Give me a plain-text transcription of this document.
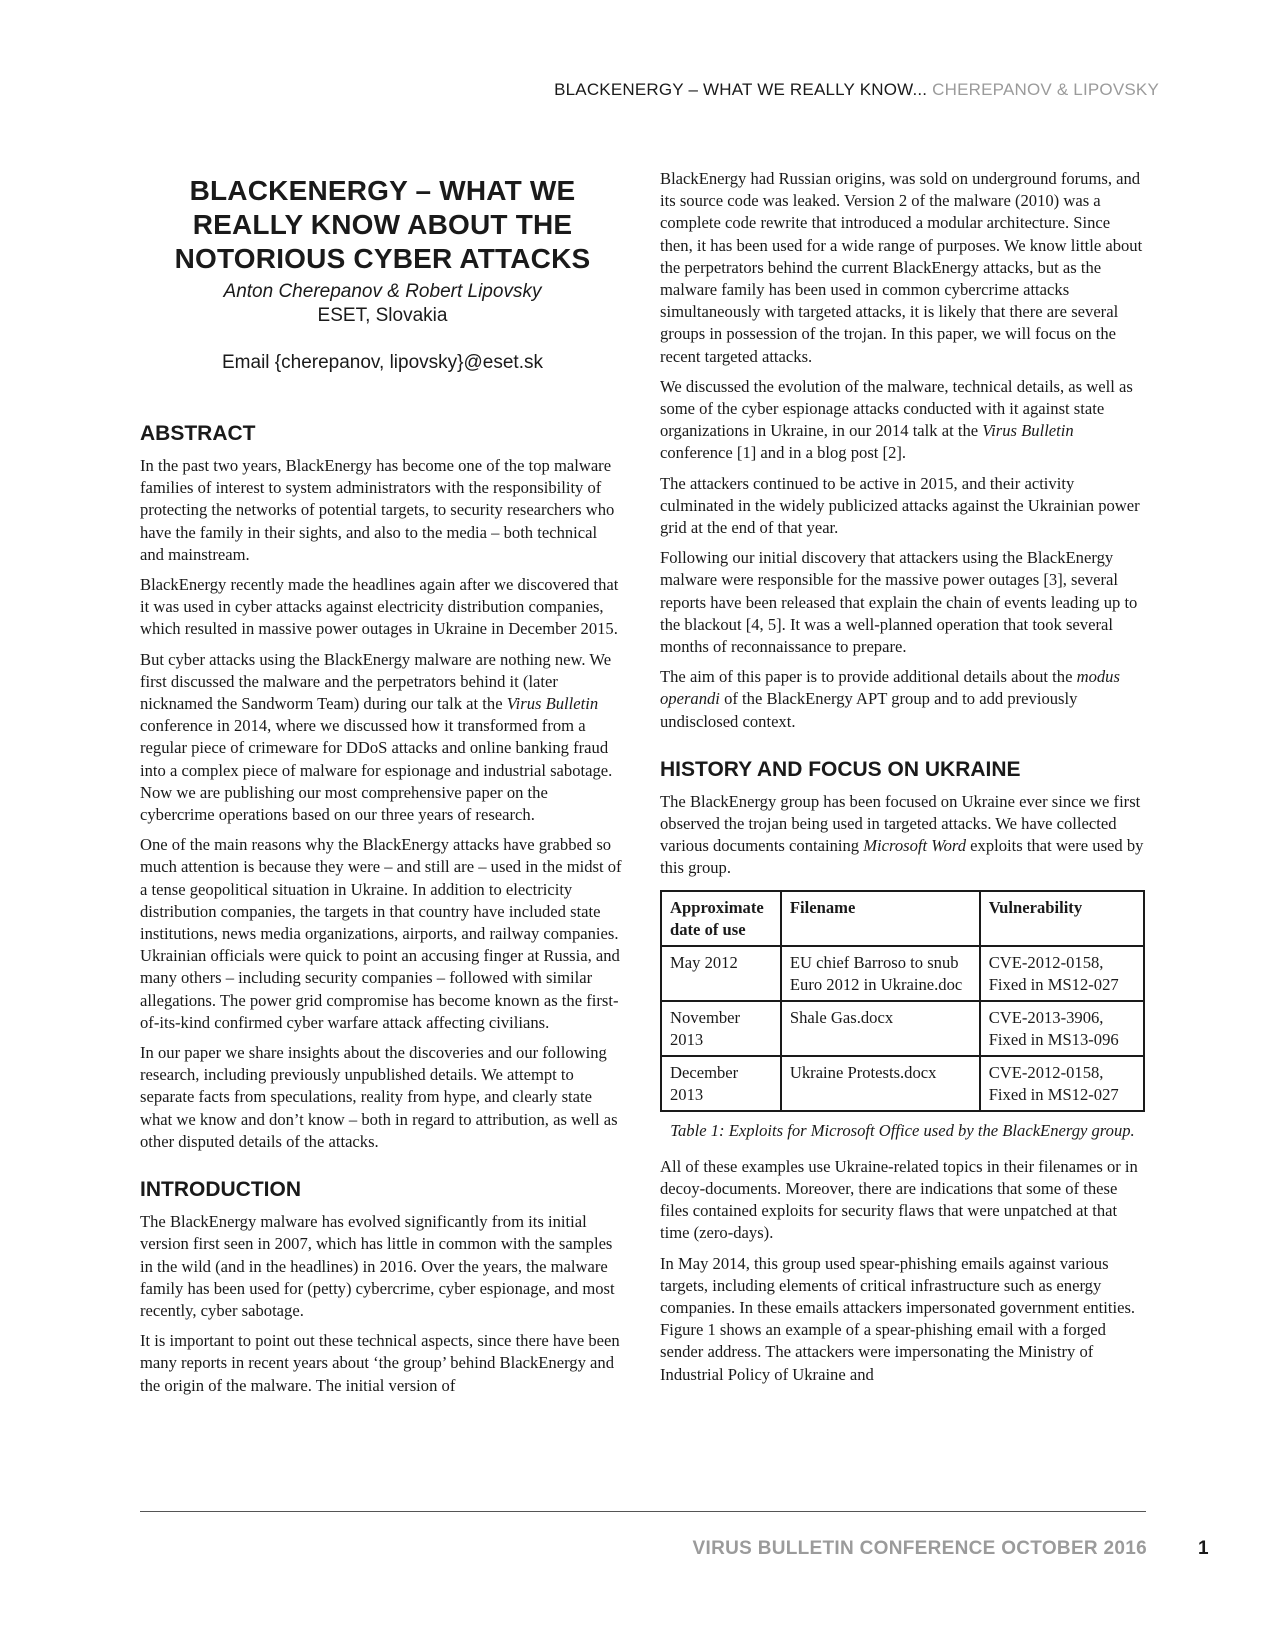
BLACKENERGY – WHAT WE REALLY KNOW... CHEREPANOV & LIPOVSKY
BLACKENERGY – WHAT WE
REALLY KNOW ABOUT THE
NOTORIOUS CYBER ATTACKS
Anton Cherepanov & Robert Lipovsky
ESET, Slovakia
Email {cherepanov, lipovsky}@eset.sk
ABSTRACT

In the past two years, BlackEnergy has become one of the top malware families of interest to system administrators with the responsibility of protecting the networks of potential targets, to security researchers who have the family in their sights, and also to the media – both technical and mainstream.

BlackEnergy recently made the headlines again after we discovered that it was used in cyber attacks against electricity distribution companies, which resulted in massive power outages in Ukraine in December 2015.

But cyber attacks using the BlackEnergy malware are nothing new. We first discussed the malware and the perpetrators behind it (later nicknamed the Sandworm Team) during our talk at the Virus Bulletin conference in 2014, where we discussed how it transformed from a regular piece of crimeware for DDoS attacks and online banking fraud into a complex piece of malware for espionage and industrial sabotage. Now we are publishing our most comprehensive paper on the cybercrime operations based on our three years of research.

One of the main reasons why the BlackEnergy attacks have grabbed so much attention is because they were – and still are – used in the midst of a tense geopolitical situation in Ukraine. In addition to electricity distribution companies, the targets in that country have included state institutions, news media organizations, airports, and railway companies. Ukrainian officials were quick to point an accusing finger at Russia, and many others – including security companies – followed with similar allegations. The power grid compromise has become known as the first-of-its-kind confirmed cyber warfare attack affecting civilians.

In our paper we share insights about the discoveries and our following research, including previously unpublished details. We attempt to separate facts from speculations, reality from hype, and clearly state what we know and don’t know – both in regard to attribution, as well as other disputed details of the attacks.

INTRODUCTION

The BlackEnergy malware has evolved significantly from its initial version first seen in 2007, which has little in common with the samples in the wild (and in the headlines) in 2016. Over the years, the malware family has been used for (petty) cybercrime, cyber espionage, and most recently, cyber sabotage.

It is important to point out these technical aspects, since there have been many reports in recent years about ‘the group’ behind BlackEnergy and the origin of the malware. The initial version of

BlackEnergy had Russian origins, was sold on underground forums, and its source code was leaked. Version 2 of the malware (2010) was a complete code rewrite that introduced a modular architecture. Since then, it has been used for a wide range of purposes. We know little about the perpetrators behind the current BlackEnergy attacks, but as the malware family has been used in common cybercrime attacks simultaneously with targeted attacks, it is likely that there are several groups in possession of the trojan. In this paper, we will focus on the recent targeted attacks.

We discussed the evolution of the malware, technical details, as well as some of the cyber espionage attacks conducted with it against state organizations in Ukraine, in our 2014 talk at the Virus Bulletin conference [1] and in a blog post [2].

The attackers continued to be active in 2015, and their activity culminated in the widely publicized attacks against the Ukrainian power grid at the end of that year.

Following our initial discovery that attackers using the BlackEnergy malware were responsible for the massive power outages [3], several reports have been released that explain the chain of events leading up to the blackout [4, 5]. It was a well-planned operation that took several months of reconnaissance to prepare.

The aim of this paper is to provide additional details about the modus operandi of the BlackEnergy APT group and to add previously undisclosed context.

HISTORY AND FOCUS ON UKRAINE

The BlackEnergy group has been focused on Ukraine ever since we first observed the trojan being used in targeted attacks. We have collected various documents containing Microsoft Word exploits that were used by this group.

Approximate date of use	Filename	Vulnerability
May 2012	EU chief Barroso to snub Euro 2012 in Ukraine.doc	CVE-2012-0158, Fixed in MS12-027
November 2013	Shale Gas.docx	CVE-2013-3906, Fixed in MS13-096
December 2013	Ukraine Protests.docx	CVE-2012-0158, Fixed in MS12-027
Table 1: Exploits for Microsoft Office used by the BlackEnergy group.

All of these examples use Ukraine-related topics in their filenames or in decoy-documents. Moreover, there are indications that some of these files contained exploits for security flaws that were unpatched at that time (zero-days).

In May 2014, this group used spear-phishing emails against various targets, including elements of critical infrastructure such as energy companies. In these emails attackers impersonated government entities. Figure 1 shows an example of a spear-phishing email with a forged sender address. The attackers were impersonating the Ministry of Industrial Policy of Ukraine and

VIRUS BULLETIN CONFERENCE OCTOBER 2016	1
